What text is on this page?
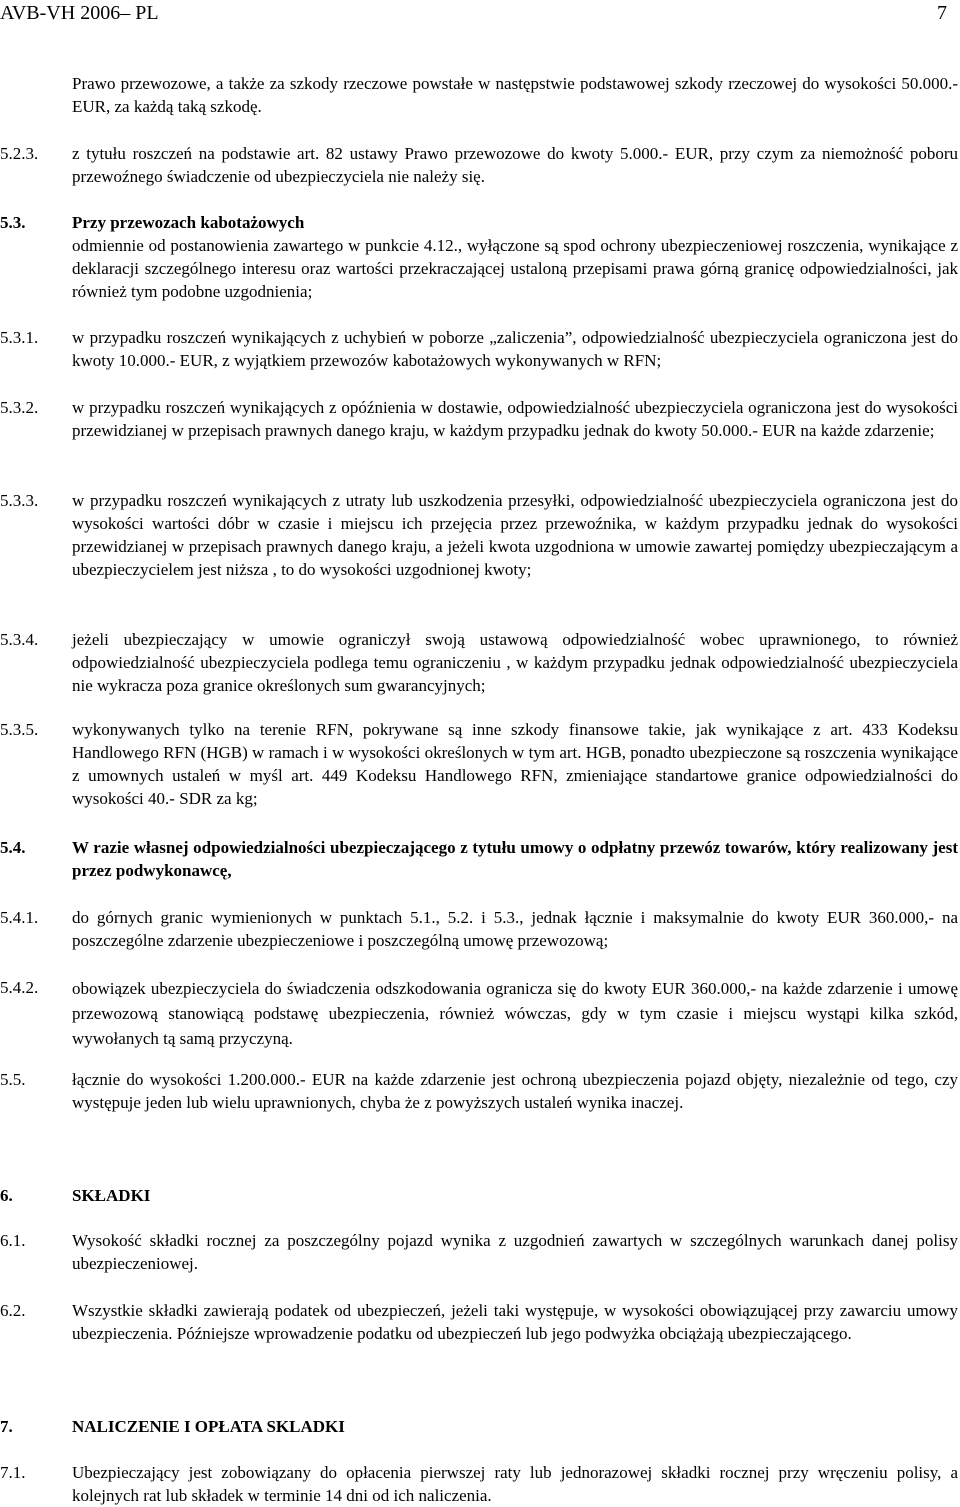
AVB-VH 2006– PL	7
Prawo przewozowe, a także za szkody rzeczowe powstałe w następstwie podstawowej szkody rzeczowej do wysokości 50.000.- EUR, za każdą taką szkodę.
5.2.3. z tytułu roszczeń na podstawie art. 82 ustawy Prawo przewozowe do kwoty 5.000.- EUR, przy czym za niemożność poboru przewoźnego świadczenie od ubezpieczyciela nie należy się.
5.3.	Przy przewozach kabotażowych
odmiennie od postanowienia zawartego w punkcie 4.12., wyłączone są spod ochrony ubezpieczeniowej roszczenia, wynikające z deklaracji szczególnego interesu oraz wartości przekraczającej ustaloną przepisami prawa górną granicę odpowiedzialności, jak również tym podobne uzgodnienia;
5.3.1. w przypadku roszczeń wynikających z uchybień w poborze „zaliczenia”, odpowiedzialność ubezpieczyciela ograniczona jest do kwoty 10.000.- EUR, z wyjątkiem przewozów kabotażowych wykonywanych w RFN;
5.3.2. w przypadku roszczeń wynikających z opóźnienia w dostawie, odpowiedzialność ubezpieczyciela ograniczona jest do wysokości przewidzianej w przepisach prawnych danego kraju, w każdym przypadku jednak do kwoty 50.000.- EUR na każde zdarzenie;
5.3.3. w przypadku roszczeń wynikających z utraty lub uszkodzenia przesyłki, odpowiedzialność ubezpieczyciela ograniczona jest do wysokości wartości dóbr w czasie i miejscu ich przejęcia przez przewoźnika, w każdym przypadku jednak do wysokości przewidzianej w przepisach prawnych danego kraju, a jeżeli kwota uzgodniona w umowie zawartej pomiędzy ubezpieczającym a ubezpieczycielem jest niższa , to do wysokości uzgodnionej kwoty;
5.3.4. jeżeli ubezpieczający w umowie ograniczył swoją ustawową odpowiedzialność wobec uprawnionego, to również odpowiedzialność ubezpieczyciela podlega temu ograniczeniu , w każdym przypadku jednak odpowiedzialność ubezpieczyciela nie wykracza poza granice określonych sum gwarancyjnych;
5.3.5. wykonywanych tylko na terenie RFN, pokrywane są inne szkody finansowe takie, jak wynikające z art. 433 Kodeksu Handlowego RFN (HGB) w ramach i w wysokości określonych w tym art. HGB, ponadto ubezpieczone są roszczenia wynikające z umownych ustaleń w myśl art. 449 Kodeksu Handlowego RFN, zmieniające standartowe granice odpowiedzialności do wysokości 40.- SDR za kg;
5.4.	W razie własnej odpowiedzialności ubezpieczającego z tytułu umowy o odpłatny przewóz towarów, który realizowany jest przez podwykonawcę,
5.4.1. do górnych granic wymienionych w punktach 5.1., 5.2. i 5.3., jednak łącznie i maksymalnie do kwoty EUR 360.000,- na poszczególne zdarzenie ubezpieczeniowe i poszczególną umowę przewozową;
5.4.2. obowiązek ubezpieczyciela do świadczenia odszkodowania ogranicza się do kwoty EUR 360.000,- na każde zdarzenie i umowę przewozową stanowiącą podstawę ubezpieczenia, również wówczas, gdy w tym czasie i miejscu wystąpi kilka szkód, wywołanych tą samą przyczyną.
5.5.	łącznie do wysokości 1.200.000.- EUR na każde zdarzenie jest ochroną ubezpieczenia pojazd objęty, niezależnie od tego, czy występuje jeden lub wielu uprawnionych, chyba że z powyższych ustaleń wynika inaczej.
6.	SKŁADKI
6.1.	Wysokość składki rocznej za poszczególny pojazd wynika z uzgodnień zawartych w szczególnych warunkach danej polisy ubezpieczeniowej.
6.2.	Wszystkie składki zawierają podatek od ubezpieczeń, jeżeli taki występuje, w wysokości obowiązującej przy zawarciu umowy ubezpieczenia. Późniejsze wprowadzenie podatku od ubezpieczeń lub jego podwyżka obciążają ubezpieczającego.
7.	NALICZENIE I OPŁATA SKLADKI
7.1.	Ubezpieczający jest zobowiązany do opłacenia pierwszej raty lub jednorazowej składki rocznej przy wręczeniu polisy, a kolejnych rat lub składek w terminie 14 dni od ich naliczenia.
